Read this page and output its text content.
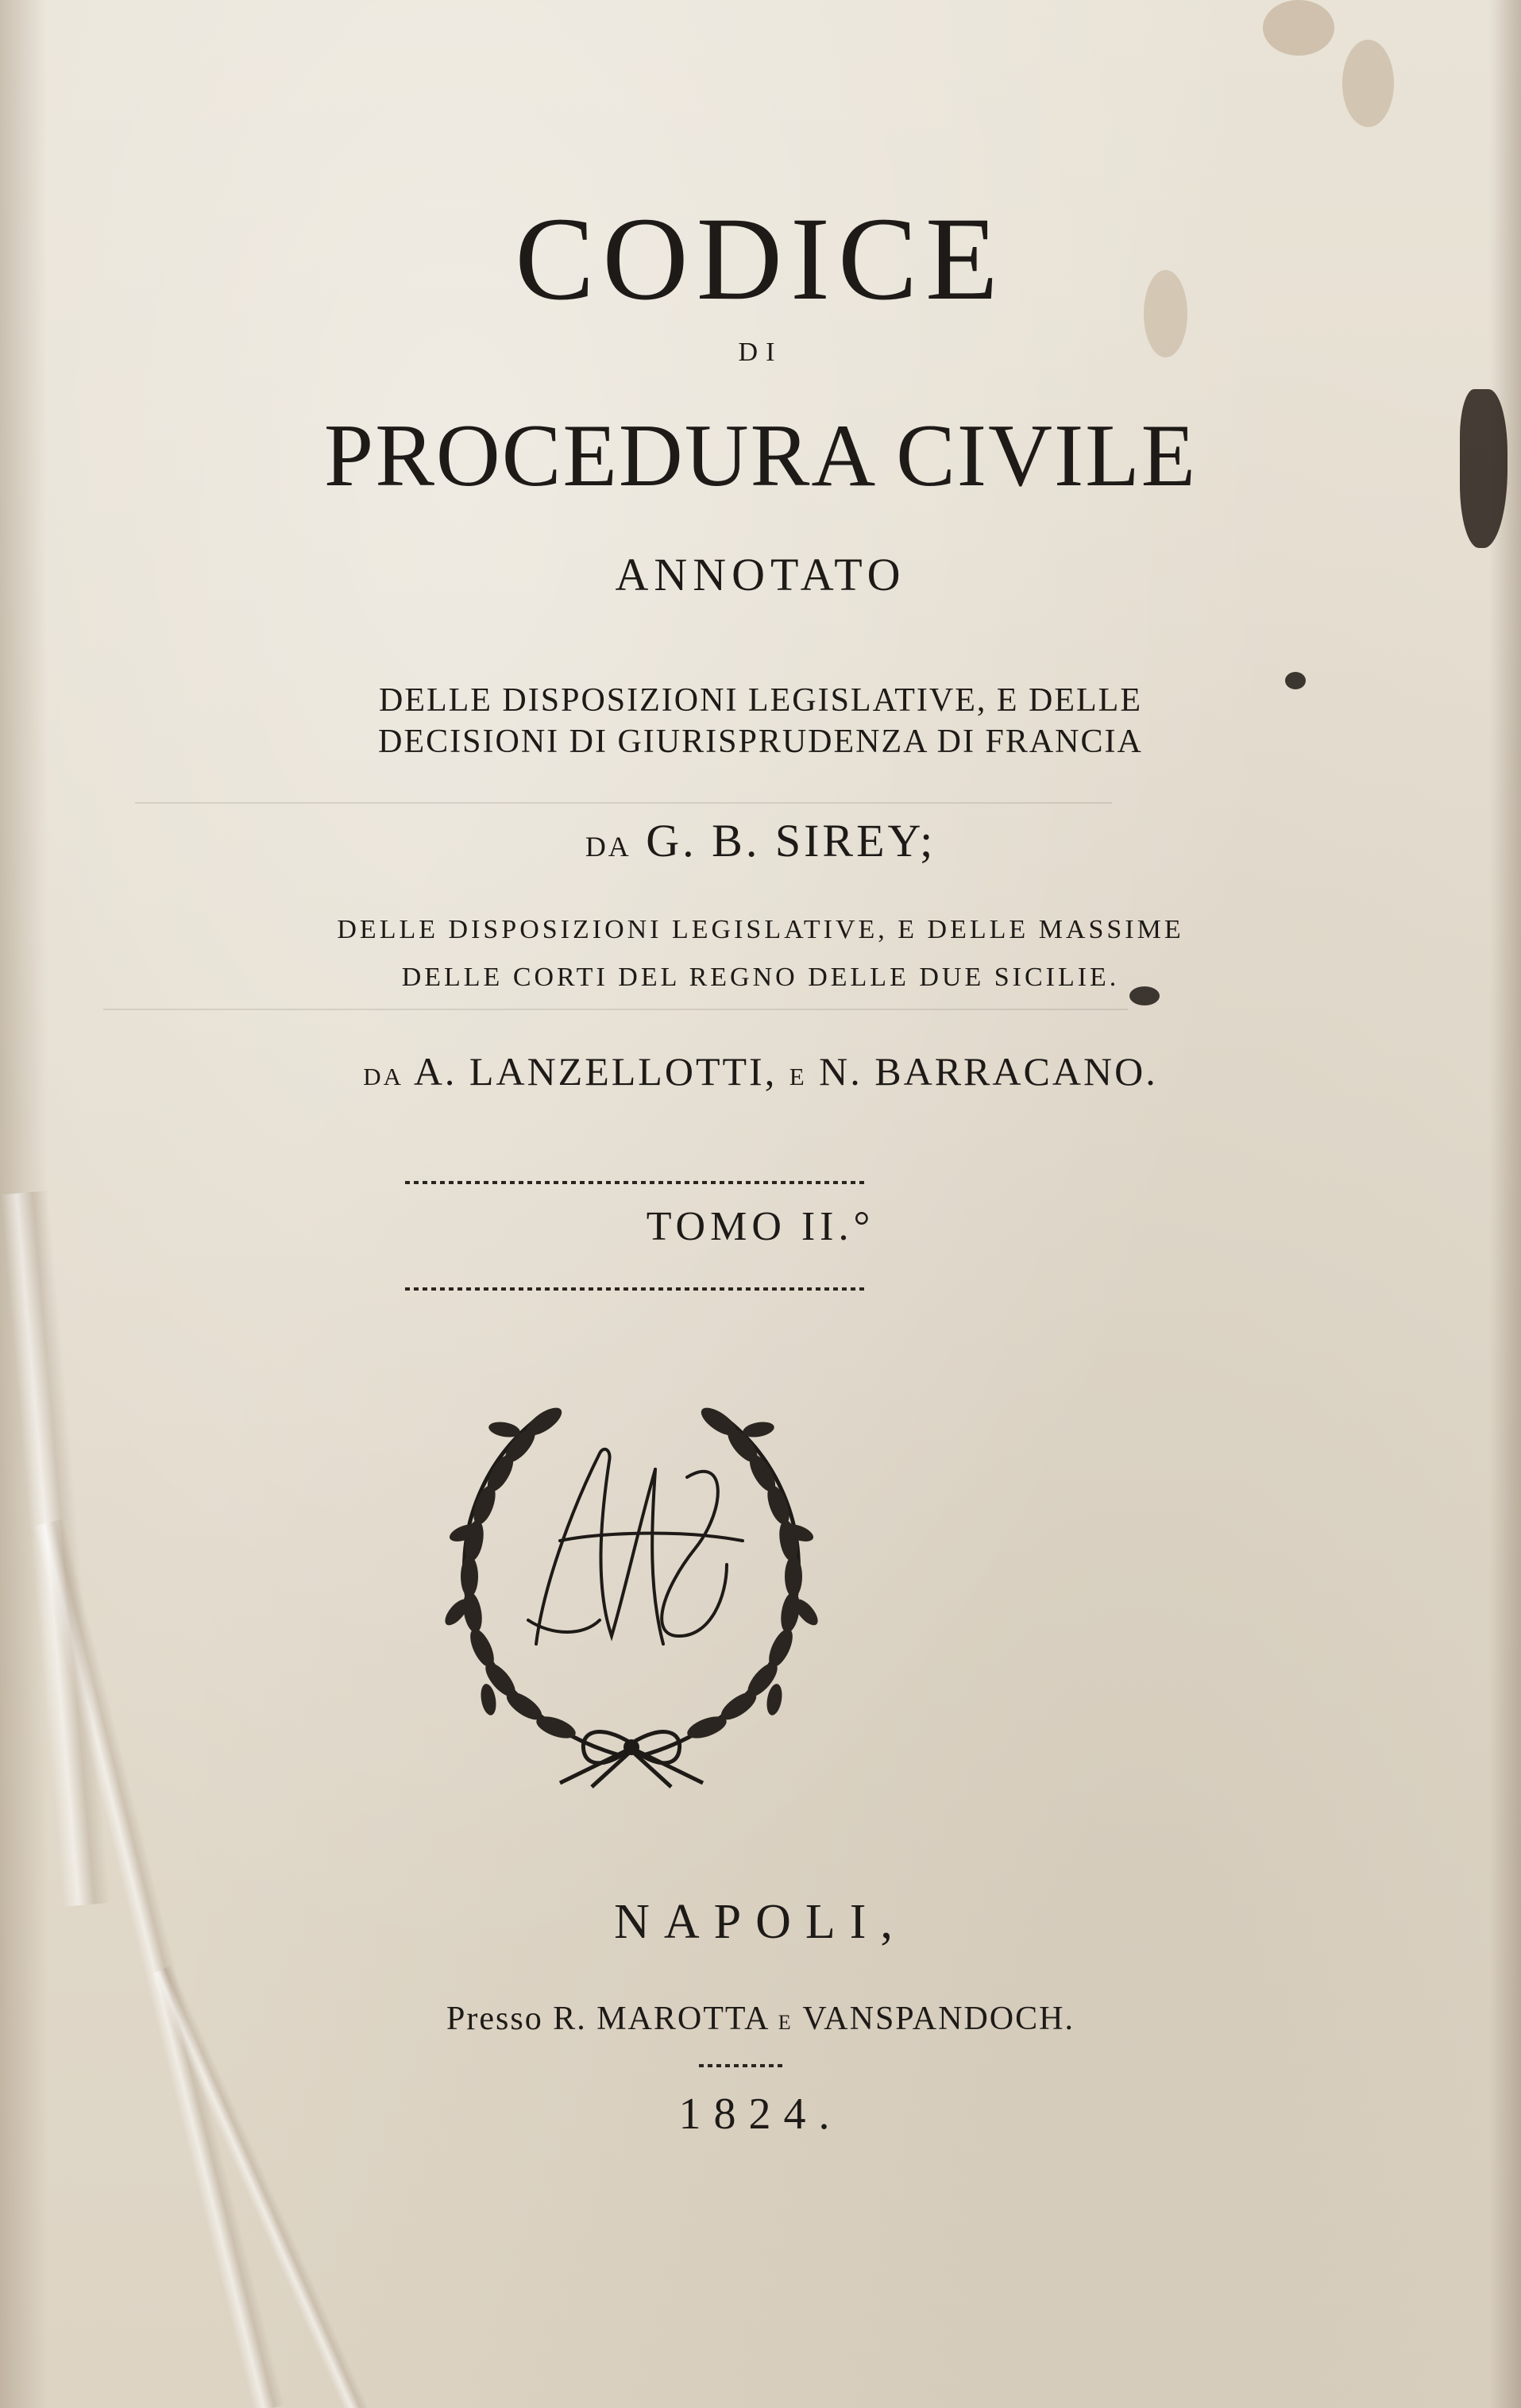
CODICE
DI
PROCEDURA CIVILE
ANNOTATO
DELLE DISPOSIZIONI LEGISLATIVE, E DELLE
DECISIONI DI GIURISPRUDENZA DI FRANCIA
DA G. B. SIREY;
DELLE DISPOSIZIONI LEGISLATIVE, E DELLE MASSIME
DELLE CORTI DEL REGNO DELLE DUE SICILIE.
DA A. LANZELLOTTI, E N. BARRACANO.
TOMO II.°
NAPOLI,
Presso R. MAROTTA E VANSPANDOCH.
1824.
